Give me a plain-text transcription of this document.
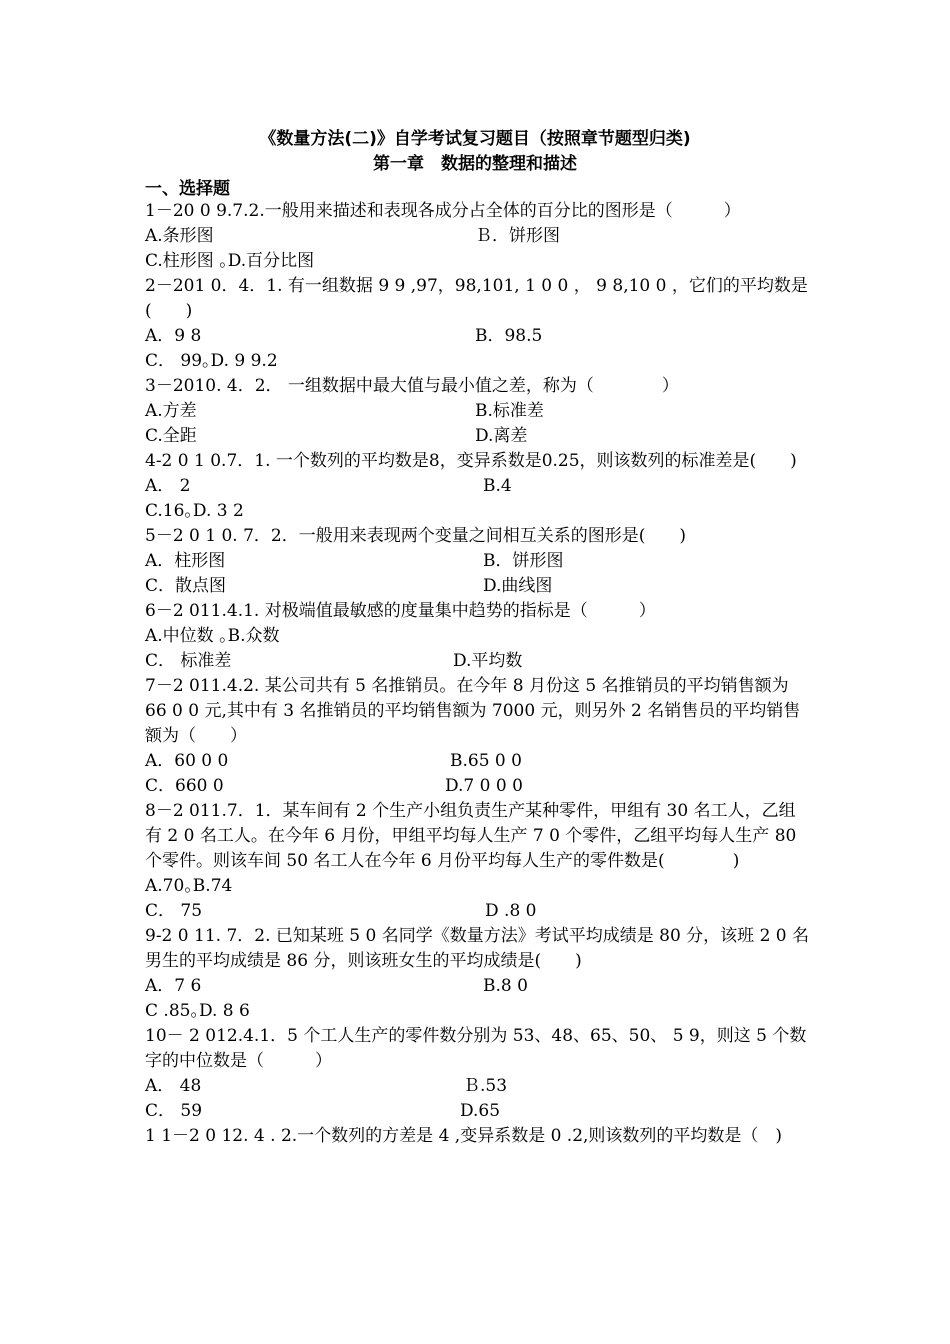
《数量方法(二)》自学考试复习题目（按照章节题型归类)
第一章　数据的整理和描述
一、选择题
1－20 0 9.7.2.一般用来描述和表现各成分占全体的百分比的图形是（　　　）
A.条形图	Ｂ．饼形图
C.柱形图 ｡D.百分比图
2－201 0．4．1. 有一组数据 9 9 ,97，98,101, 1 0 0 ， 9 8,10 0 ，它们的平均数是(　　)
A．9 8	B．98.5
C． 99｡D. 9 9.2
3－2010. 4．2． 一组数据中最大值与最小值之差，称为（　　　　）
A.方差	B.标准差
C.全距	D.离差
4-2 0 1 0.7．1. 一个数列的平均数是8，变异系数是0.25，则该数列的标准差是(　　)
A． 2	B.4
C.16｡D. 3 2
5－2 0 1 0. 7．2．一般用来表现两个变量之间相互关系的图形是(　　)
A．柱形图	B．饼形图
C．散点图	D.曲线图
6－2 011.4.1. 对极端值最敏感的度量集中趋势的指标是（　　　）
A.中位数 ｡B.众数
C． 标准差	D.平均数
7－2 011.4.2. 某公司共有 5 名推销员。在今年 8 月份这 5 名推销员的平均销售额为 66 0 0 元,其中有 3 名推销员的平均销售额为 7000 元，则另外 2 名销售员的平均销售额为（　　）
A．60 0 0	B.65 0 0
C．660 0	D.7 0 0 0
8－2 011.7．1．某车间有 2 个生产小组负责生产某种零件，甲组有 30 名工人，乙组有 2 0 名工人。在今年 6 月份，甲组平均每人生产 7 0 个零件，乙组平均每人生产 80 个零件。则该车间 50 名工人在今年 6 月份平均每人生产的零件数是(　　　　)
A.70｡B.74
C． 75	D .8 0
9-2 0 11. 7．2. 已知某班 5 0 名同学《数量方法》考试平均成绩是 80 分，该班 2 0 名男生的平均成绩是 86 分，则该班女生的平均成绩是(　　)
A．7 6	B.8 0
C .85｡D. 8 6
10－ 2 012.4.1．5 个工人生产的零件数分别为 53、48、65、50、 5 9，则这 5 个数字的中位数是（　　　）
A． 48	Ｂ.53
C． 59	D.65
1 1－2 0 12. 4 . 2.一个数列的方差是 4 ,变异系数是 0 .2,则该数列的平均数是（　)
